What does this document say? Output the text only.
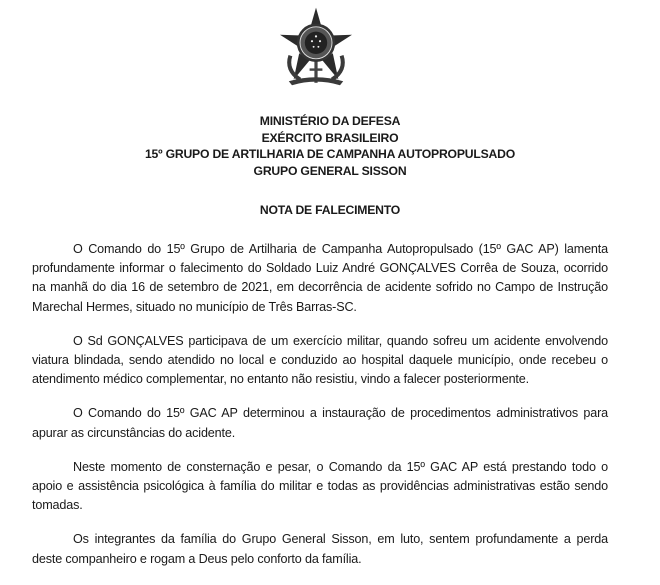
MINISTÉRIO DA DEFESA
EXÉRCITO BRASILEIRO
15º GRUPO DE ARTILHARIA DE CAMPANHA AUTOPROPULSADO
GRUPO GENERAL SISSON
NOTA DE FALECIMENTO

O Comando do 15º Grupo de Artilharia de Campanha Autopropulsado (15º GAC AP) lamenta profundamente informar o falecimento do Soldado Luiz André GONÇALVES Corrêa de Souza, ocorrido na manhã do dia 16 de setembro de 2021, em decorrência de acidente sofrido no Campo de Instrução Marechal Hermes, situado no município de Três Barras-SC.

O Sd GONÇALVES participava de um exercício militar, quando sofreu um acidente envolvendo viatura blindada, sendo atendido no local e conduzido ao hospital daquele município, onde recebeu o atendimento médico complementar, no entanto não resistiu, vindo a falecer posteriormente.

O Comando do 15º GAC AP determinou a instauração de procedimentos administrativos para apurar as circunstâncias do acidente.

Neste momento de consternação e pesar, o Comando da 15º GAC AP está prestando todo o apoio e assistência psicológica à família do militar e todas as providências administrativas estão sendo tomadas.

Os integrantes da família do Grupo General Sisson, em luto, sentem profundamente a perda deste companheiro e rogam a Deus pelo conforto da família.
